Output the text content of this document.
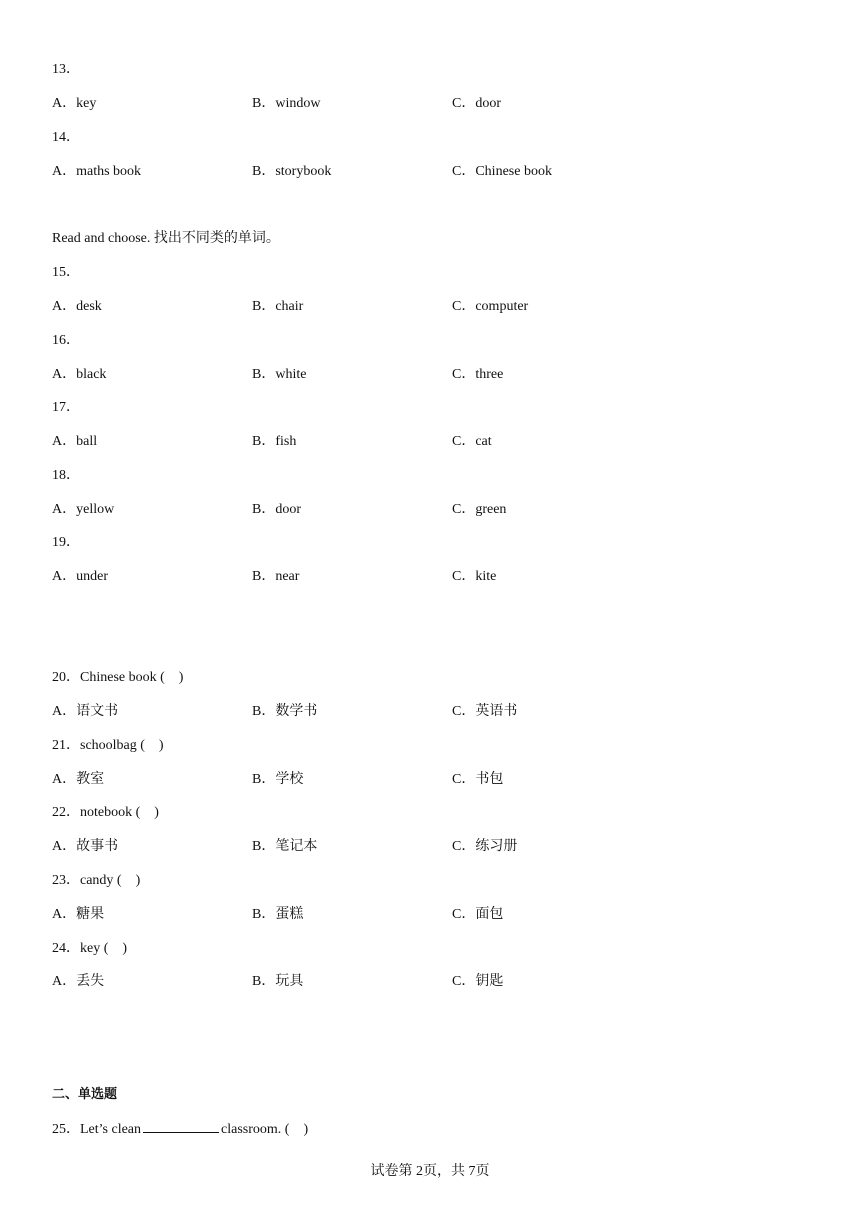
13．
A．key	B．window	C．door
14．
A．maths book	B．storybook	C．Chinese book
Read and choose. 找出不同类的单词。
15．
A．desk	B．chair	C．computer
16．
A．black	B．white	C．three
17．
A．ball	B．fish	C．cat
18．
A．yellow	B．door	C．green
19．
A．under	B．near	C．kite
20．Chinese book (　)
A．语文书	B．数学书	C．英语书
21．schoolbag (　)
A．教室	B．学校	C．书包
22．notebook (　)
A．故事书	B．笔记本	C．练习册
23．candy (　)
A．糖果	B．蛋糕	C．面包
24．key (　)
A．丢失	B．玩具	C．钥匙
二、单选题
25．Let’s clean	classroom. (　)
试卷第 2页，共 7页
